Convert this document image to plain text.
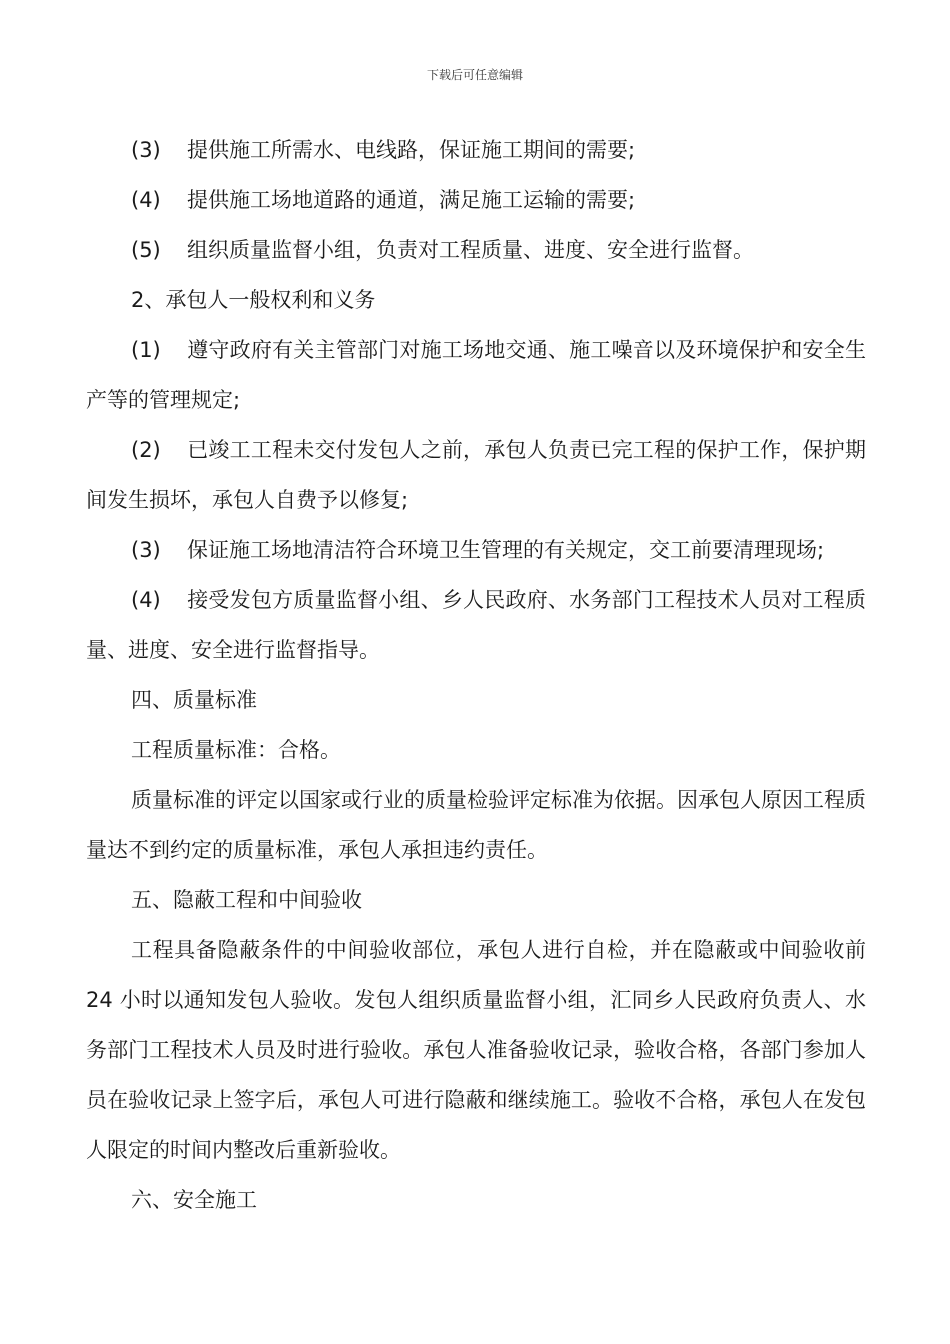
下载后可任意编辑

(3) 提供施工所需水、电线路，保证施工期间的需要;

(4) 提供施工场地道路的通道，满足施工运输的需要;

(5) 组织质量监督小组，负责对工程质量、进度、安全进行监督。

2、承包人一般权利和义务

(1) 遵守政府有关主管部门对施工场地交通、施工噪音以及环境保护和安全生产等的管理规定;

(2) 已竣工工程未交付发包人之前，承包人负责已完工程的保护工作，保护期间发生损坏，承包人自费予以修复;

(3) 保证施工场地清洁符合环境卫生管理的有关规定，交工前要清理现场;

(4) 接受发包方质量监督小组、乡人民政府、水务部门工程技术人员对工程质量、进度、安全进行监督指导。

四、质量标准

工程质量标准：合格。

质量标准的评定以国家或行业的质量检验评定标准为依据。因承包人原因工程质量达不到约定的质量标准，承包人承担违约责任。

五、隐蔽工程和中间验收

工程具备隐蔽条件的中间验收部位，承包人进行自检，并在隐蔽或中间验收前 24 小时以通知发包人验收。发包人组织质量监督小组，汇同乡人民政府负责人、水务部门工程技术人员及时进行验收。承包人准备验收记录，验收合格，各部门参加人员在验收记录上签字后，承包人可进行隐蔽和继续施工。验收不合格，承包人在发包人限定的时间内整改后重新验收。

六、安全施工
